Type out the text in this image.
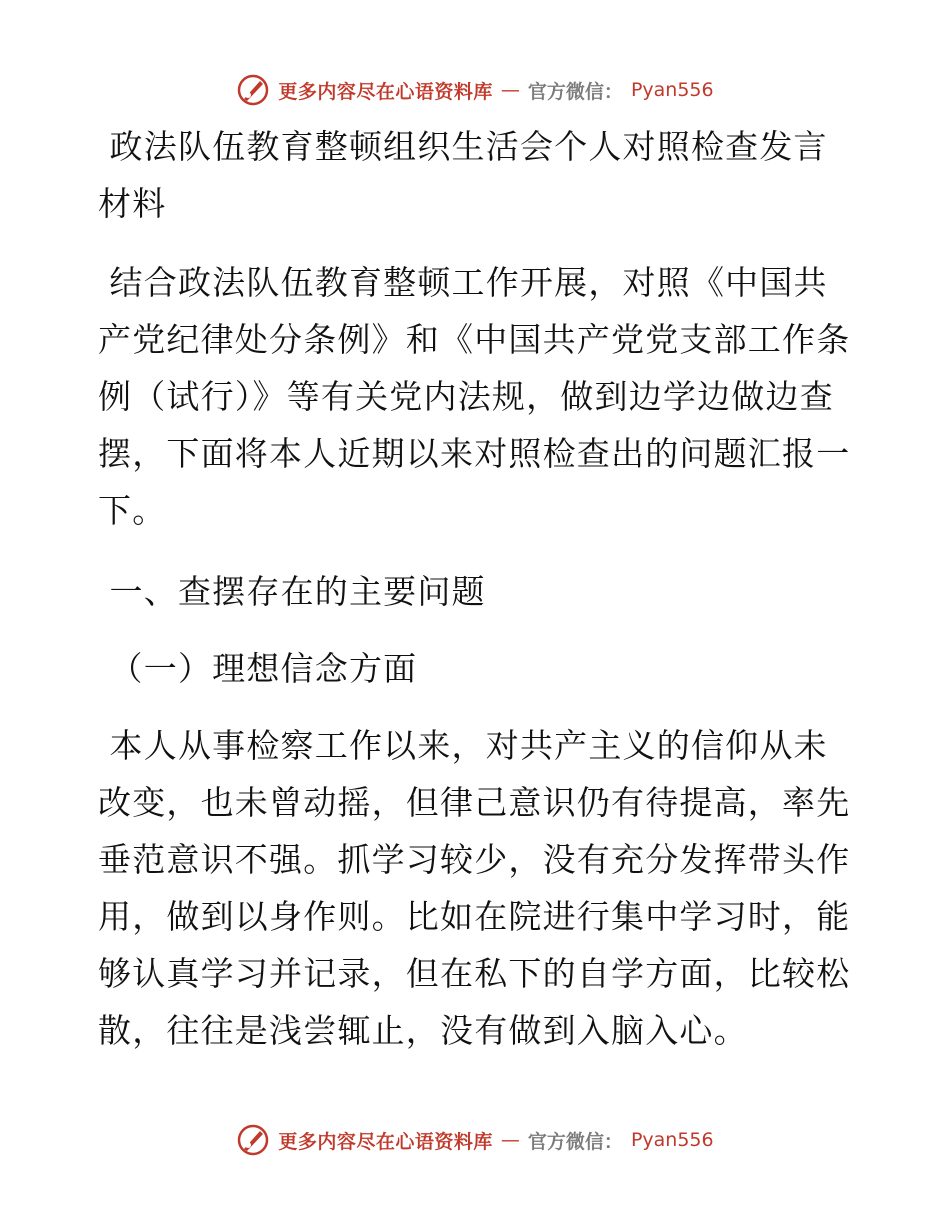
更多内容尽在心语资料库 — 官方微信： Pyan556

政法队伍教育整顿组织生活会个人对照检查发言材料

结合政法队伍教育整顿工作开展，对照《中国共产党纪律处分条例》和《中国共产党党支部工作条例（试行）》等有关党内法规，做到边学边做边查摆，下面将本人近期以来对照检查出的问题汇报一下。

一、查摆存在的主要问题

（一）理想信念方面

本人从事检察工作以来，对共产主义的信仰从未改变，也未曾动摇，但律己意识仍有待提高，率先垂范意识不强。抓学习较少，没有充分发挥带头作用，做到以身作则。比如在院进行集中学习时，能够认真学习并记录，但在私下的自学方面，比较松散，往往是浅尝辄止，没有做到入脑入心。

更多内容尽在心语资料库 — 官方微信： Pyan556
